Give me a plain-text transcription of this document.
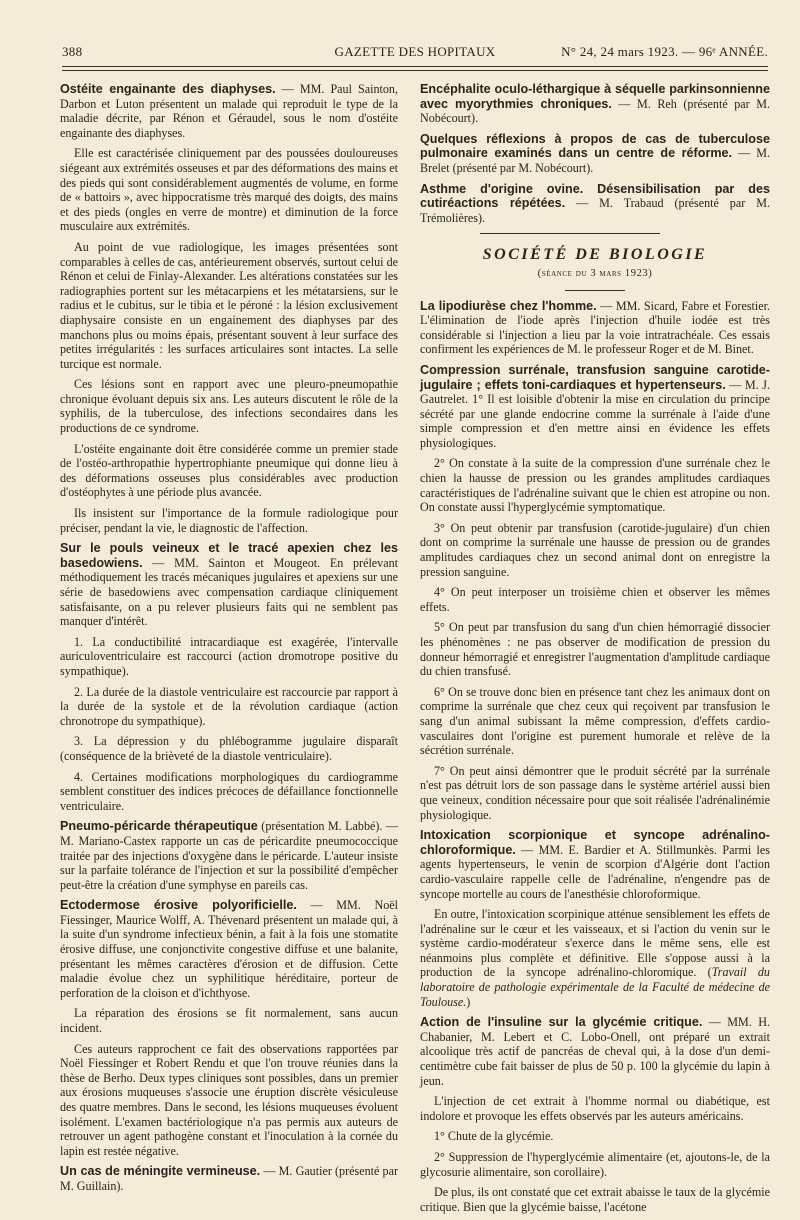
388	GAZETTE DES HOPITAUX	N° 24, 24 mars 1923. — 96ᵉ ANNÉE.

Ostéite engainante des diaphyses. — MM. Paul Sainton, Darbon et Luton présentent un malade qui reproduit le type de la maladie décrite, par Rénon et Géraudel, sous le nom d'ostéite engainante des diaphyses.

Elle est caractérisée cliniquement par des poussées douloureuses siégeant aux extrémités osseuses et par des déformations des mains et des pieds qui sont considérablement augmentés de volume, en forme de « battoirs », avec hippocratisme très marqué des doigts, des mains et des pieds (ongles en verre de montre) et diminution de la force musculaire aux extrémités.

Au point de vue radiologique, les images présentées sont comparables à celles de cas, antérieurement observés, surtout celui de Rénon et celui de Finlay-Alexander. Les altérations constatées sur les radiographies portent sur les métacarpiens et les métatarsiens, sur le radius et le cubitus, sur le tibia et le péroné : la lésion exclusivement diaphysaire consiste en un engainement des diaphyses par des manchons plus ou moins épais, présentant souvent à leur surface des petites irrégularités : les surfaces articulaires sont intactes. La selle turcique est normale.

Ces lésions sont en rapport avec une pleuro-pneumopathie chronique évoluant depuis six ans. Les auteurs discutent le rôle de la syphilis, de la tuberculose, des infections secondaires dans les productions de ce syndrome.

L'ostéite engainante doit être considérée comme un premier stade de l'ostéo-arthropathie hypertrophiante pneumique qui donne lieu à des déformations osseuses plus considérables avec production d'ostéophytes à une période plus avancée.

Ils insistent sur l'importance de la formule radiologique pour préciser, pendant la vie, le diagnostic de l'affection.

Sur le pouls veineux et le tracé apexien chez les basedowiens. — MM. Sainton et Mougeot. En prélevant méthodiquement les tracés mécaniques jugulaires et apexiens sur une série de basedowiens avec compensation cardiaque cliniquement satisfaisante, on a pu relever plusieurs faits qui ne semblent pas manquer d'intérêt.

1. La conductibilité intracardiaque est exagérée, l'intervalle auriculoventriculaire est raccourci (action dromotrope positive du sympathique).

2. La durée de la diastole ventriculaire est raccourcie par rapport à la durée de la systole et de la révolution cardiaque (action chronotrope du sympathique).

3. La dépression y du phlébogramme jugulaire disparaît (conséquence de la brièveté de la diastole ventriculaire).

4. Certaines modifications morphologiques du cardiogramme semblent constituer des indices précoces de défaillance fonctionnelle ventriculaire.

Pneumo-péricarde thérapeutique (présentation M. Labbé). — M. Mariano-Castex rapporte un cas de péricardite pneumococcique traitée par des injections d'oxygène dans le péricarde. L'auteur insiste sur la parfaite tolérance de l'injection et sur la possibilité d'empêcher peut-être la création d'une symphyse en pareils cas.

Ectodermose érosive polyorificielle. — MM. Noël Fiessinger, Maurice Wolff, A. Thévenard présentent un malade qui, à la suite d'un syndrome infectieux bénin, a fait à la fois une stomatite érosive diffuse, une conjonctivite congestive diffuse et une balanite, présentant les mêmes caractères d'érosion et de diffusion. Cette maladie évolue chez un syphilitique héréditaire, porteur de perforation de la cloison et d'ichthyose.

La réparation des érosions se fit normalement, sans aucun incident.

Ces auteurs rapprochent ce fait des observations rapportées par Noël Fiessinger et Robert Rendu et que l'on trouve réunies dans la thèse de Berho. Deux types cliniques sont possibles, dans un premier aux érosions muqueuses s'associe une éruption discrète vésiculeuse des quatre membres. Dans le second, les lésions muqueuses évoluent isolément. L'examen bactériologique n'a pas permis aux auteurs de retrouver un agent pathogène constant et l'inoculation à la cornée du lapin est restée négative.

Un cas de méningite vermineuse. — M. Gautier (présenté par M. Guillain).

Encéphalite oculo-léthargique à séquelle parkinsonnienne avec myorythmies chroniques. — M. Reh (présenté par M. Nobécourt).

Quelques réflexions à propos de cas de tuberculose pulmonaire examinés dans un centre de réforme. — M. Brelet (présenté par M. Nobécourt).

Asthme d'origine ovine. Désensibilisation par des cutiréactions répétées. — M. Trabaud (présenté par M. Trémolières).

SOCIÉTÉ DE BIOLOGIE
(séance du 3 mars 1923)

La lipodiurèse chez l'homme. — MM. Sicard, Fabre et Forestier. L'élimination de l'iode après l'injection d'huile iodée est très considérable si l'injection a lieu par la voie intratrachéale. Ces essais confirment les expériences de M. le professeur Roger et de M. Binet.

Compression surrénale, transfusion sanguine carotide-jugulaire ; effets toni-cardiaques et hypertenseurs. — M. J. Gautrelet. 1° Il est loisible d'obtenir la mise en circulation du principe sécrété par une glande endocrine comme la surrénale à l'aide d'une simple compression et d'en mettre ainsi en évidence les effets physiologiques.

2° On constate à la suite de la compression d'une surrénale chez le chien la hausse de pression ou les grandes amplitudes cardiaques caractéristiques de l'adrénaline suivant que le chien est atropine ou non. On constate aussi l'hyperglycémie symptomatique.

3° On peut obtenir par transfusion (carotide-jugulaire) d'un chien dont on comprime la surrénale une hausse de pression ou de grandes amplitudes cardiaques chez un second animal dont on enregistre la pression sanguine.

4° On peut interposer un troisième chien et observer les mêmes effets.

5° On peut par transfusion du sang d'un chien hémorragié dissocier les phénomènes : ne pas observer de modification de pression du donneur hémorragié et enregistrer l'augmentation d'amplitude cardiaque du chien transfusé.

6° On se trouve donc bien en présence tant chez les animaux dont on comprime la surrénale que chez ceux qui reçoivent par transfusion le sang d'un animal subissant la même compression, d'effets cardio-vasculaires dont l'origine est purement humorale et relève de la sécrétion surrénale.

7° On peut ainsi démontrer que le produit sécrété par la surrénale n'est pas détruit lors de son passage dans le système artériel aussi bien que veineux, condition nécessaire pour que soit réalisée l'adrénalinémie physiologique.

Intoxication scorpionique et syncope adrénalino-chloroformique. — MM. E. Bardier et A. Stillmunkès. Parmi les agents hypertenseurs, le venin de scorpion d'Algérie dont l'action cardio-vasculaire rappelle celle de l'adrénaline, n'engendre pas de syncope mortelle au cours de l'anesthésie chloroformique.

En outre, l'intoxication scorpinique atténue sensiblement les effets de l'adrénaline sur le cœur et les vaisseaux, et si l'action du venin sur le système cardio-modérateur s'exerce dans le même sens, elle est néanmoins plus complète et définitive. Elle s'oppose aussi à la production de la syncope adrénalino-chloromique. (Travail du laboratoire de pathologie expérimentale de la Faculté de médecine de Toulouse.)

Action de l'insuline sur la glycémie critique. — MM. H. Chabanier, M. Lebert et C. Lobo-Onell, ont préparé un extrait alcoolique très actif de pancréas de cheval qui, à la dose d'un demi-centimètre cube fait baisser de plus de 50 p. 100 la glycémie du lapin à jeun.

L'injection de cet extrait à l'homme normal ou diabétique, est indolore et provoque les effets observés par les auteurs américains.

1° Chute de la glycémie.

2° Suppression de l'hyperglycémie alimentaire (et, ajoutons-le, de la glycosurie alimentaire, son corollaire).

De plus, ils ont constaté que cet extrait abaisse le taux de la glycémie critique. Bien que la glycémie baisse, l'acétone
